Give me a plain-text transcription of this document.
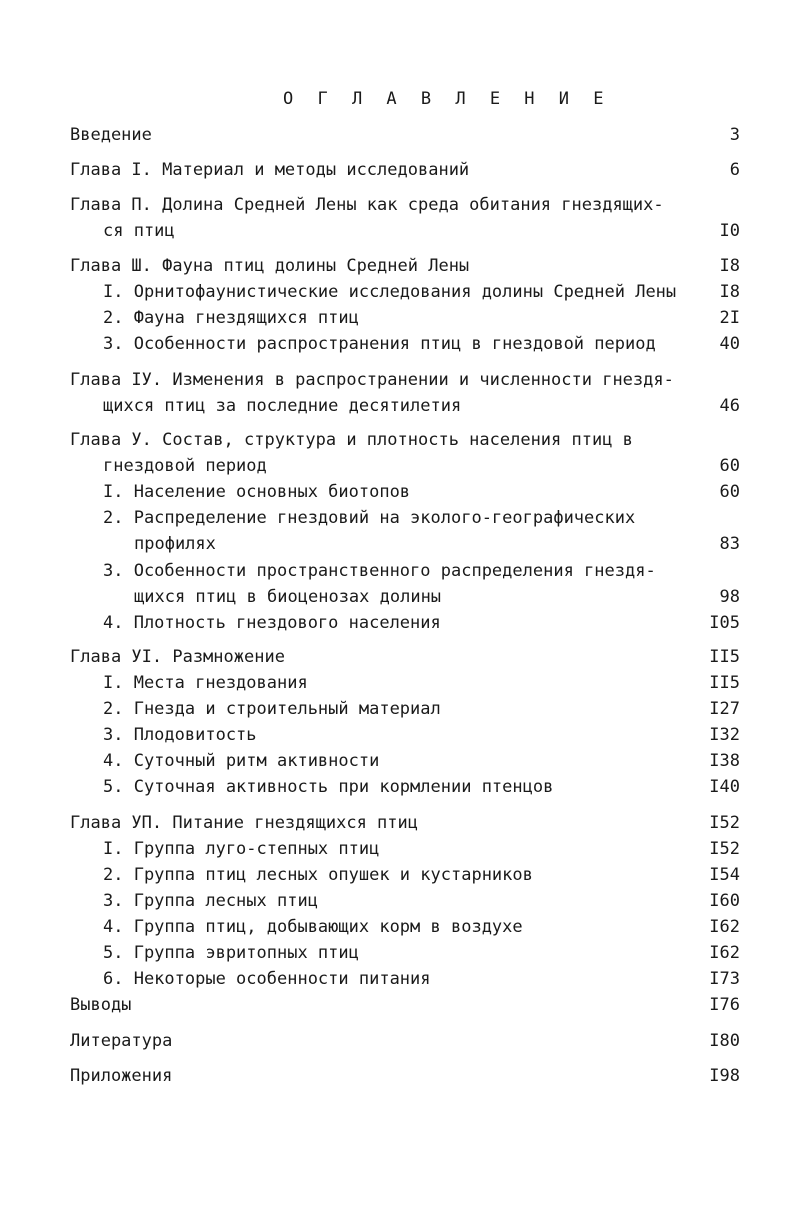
О Г Л А В Л Е Н И Е
Введение	3
Глава I. Материал и методы исследований	6
Глава П. Долина Средней Лены как среда обитания гнездящих-
ся птиц	I0
Глава Ш. Фауна птиц долины Средней Лены	I8
I. Орнитофаунистические исследования долины Средней Лены	I8
2. Фауна гнездящихся птиц	2I
3. Особенности распространения птиц в гнездовой период	40
Глава IУ. Изменения в распространении и численности гнездя-
щихся птиц за последние десятилетия	46
Глава У. Состав, структура и плотность населения птиц в
гнездовой период	60
I. Население основных биотопов	60
2. Распределение гнездовий на эколого-географических
профилях	83
3. Особенности пространственного распределения гнездя-
щихся птиц в биоценозах долины	98
4. Плотность гнездового населения	I05
Глава УI. Размножение	II5
I. Места гнездования	II5
2. Гнезда и строительный материал	I27
3. Плодовитость	I32
4. Суточный ритм активности	I38
5. Суточная активность при кормлении птенцов	I40
Глава УП. Питание гнездящихся птиц	I52
I. Группа луго-степных птиц	I52
2. Группа птиц лесных опушек и кустарников	I54
3. Группа лесных птиц	I60
4. Группа птиц, добывающих корм в воздухе	I62
5. Группа эвритопных птиц	I62
6. Некоторые особенности питания	I73
Выводы	I76
Литература	I80
Приложения	I98
